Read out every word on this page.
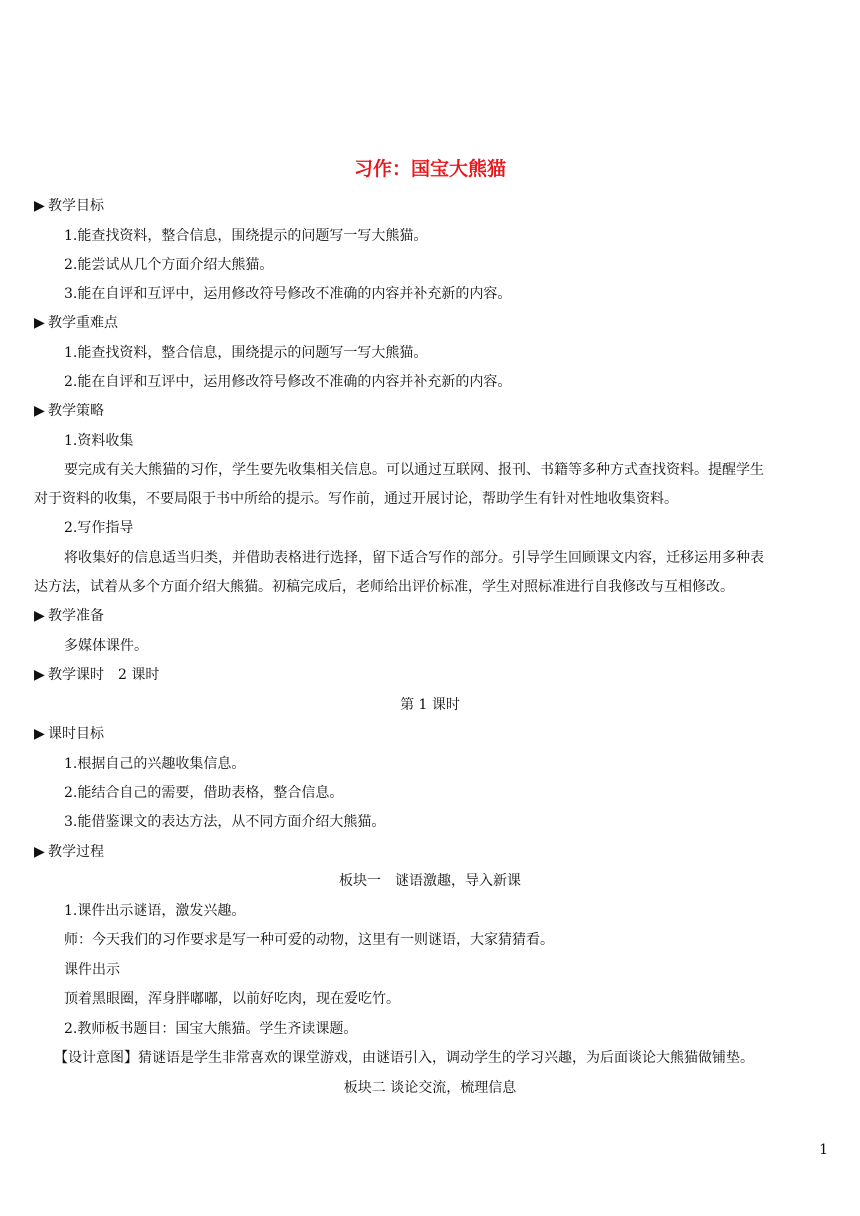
习作：国宝大熊猫
▶ 教学目标
1.能查找资料，整合信息，围绕提示的问题写一写大熊猫。
2.能尝试从几个方面介绍大熊猫。
3.能在自评和互评中，运用修改符号修改不准确的内容并补充新的内容。
▶ 教学重难点
1.能查找资料，整合信息，围绕提示的问题写一写大熊猫。
2.能在自评和互评中，运用修改符号修改不准确的内容并补充新的内容。
▶ 教学策略
1.资料收集
要完成有关大熊猫的习作，学生要先收集相关信息。可以通过互联网、报刊、书籍等多种方式查找资料。提醒学生
对于资料的收集，不要局限于书中所给的提示。写作前，通过开展讨论，帮助学生有针对性地收集资料。
2.写作指导
将收集好的信息适当归类，并借助表格进行选择，留下适合写作的部分。引导学生回顾课文内容，迁移运用多种表
达方法，试着从多个方面介绍大熊猫。初稿完成后，老师给出评价标准，学生对照标准进行自我修改与互相修改。
▶ 教学准备
多媒体课件。
▶ 教学课时　2 课时
第 1 课时
▶ 课时目标
1.根据自己的兴趣收集信息。
2.能结合自己的需要，借助表格，整合信息。
3.能借鉴课文的表达方法，从不同方面介绍大熊猫。
▶ 教学过程
板块一　谜语激趣，导入新课
1.课件出示谜语，激发兴趣。
师：今天我们的习作要求是写一种可爱的动物，这里有一则谜语，大家猜猜看。
课件出示
顶着黑眼圈，浑身胖嘟嘟，以前好吃肉，现在爱吃竹。
2.教师板书题目：国宝大熊猫。学生齐读课题。
【设计意图】猜谜语是学生非常喜欢的课堂游戏，由谜语引入，调动学生的学习兴趣，为后面谈论大熊猫做铺垫。
板块二 谈论交流，梳理信息
1
